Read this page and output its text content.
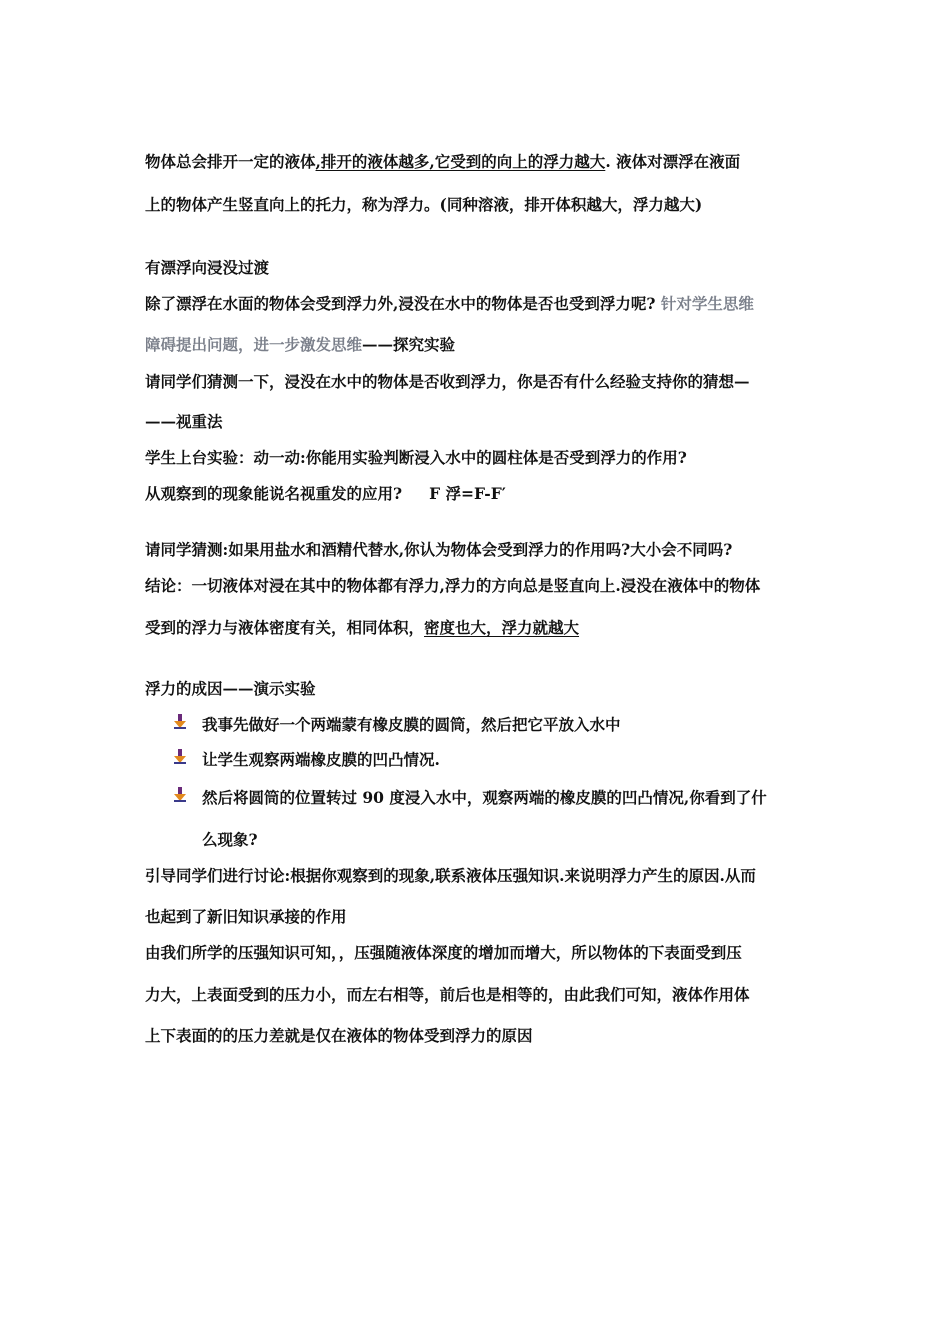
物体总会排开一定的液体,排开的液体越多,它受到的向上的浮力越大. 液体对漂浮在液面
上的物体产生竖直向上的托力，称为浮力。(同种溶液，排开体积越大，浮力越大)
有漂浮向浸没过渡
除了漂浮在水面的物体会受到浮力外,浸没在水中的物体是否也受到浮力呢? 针对学生思维
障碍提出问题，进一步激发思维——探究实验
请同学们猜测一下，浸没在水中的物体是否收到浮力，你是否有什么经验支持你的猜想—
——视重法
学生上台实验：动一动:你能用实验判断浸入水中的圆柱体是否受到浮力的作用?
从观察到的现象能说名视重发的应用?     F 浮=F-F′
请同学猜测:如果用盐水和酒精代替水,你认为物体会受到浮力的作用吗?大小会不同吗?
结论：一切液体对浸在其中的物体都有浮力,浮力的方向总是竖直向上.浸没在液体中的物体
受到的浮力与液体密度有关，相同体积，密度也大，浮力就越大
浮力的成因——演示实验
我事先做好一个两端蒙有橡皮膜的圆筒，然后把它平放入水中
让学生观察两端橡皮膜的凹凸情况.
然后将圆筒的位置转过 90 度浸入水中，观察两端的橡皮膜的凹凸情况,你看到了什
么现象?
引导同学们进行讨论:根据你观察到的现象,联系液体压强知识.来说明浮力产生的原因.从而
也起到了新旧知识承接的作用
由我们所学的压强知识可知，，压强随液体深度的增加而增大，所以物体的下表面受到压
力大，上表面受到的压力小，而左右相等，前后也是相等的，由此我们可知，液体作用体
上下表面的的压力差就是仅在液体的物体受到浮力的原因
